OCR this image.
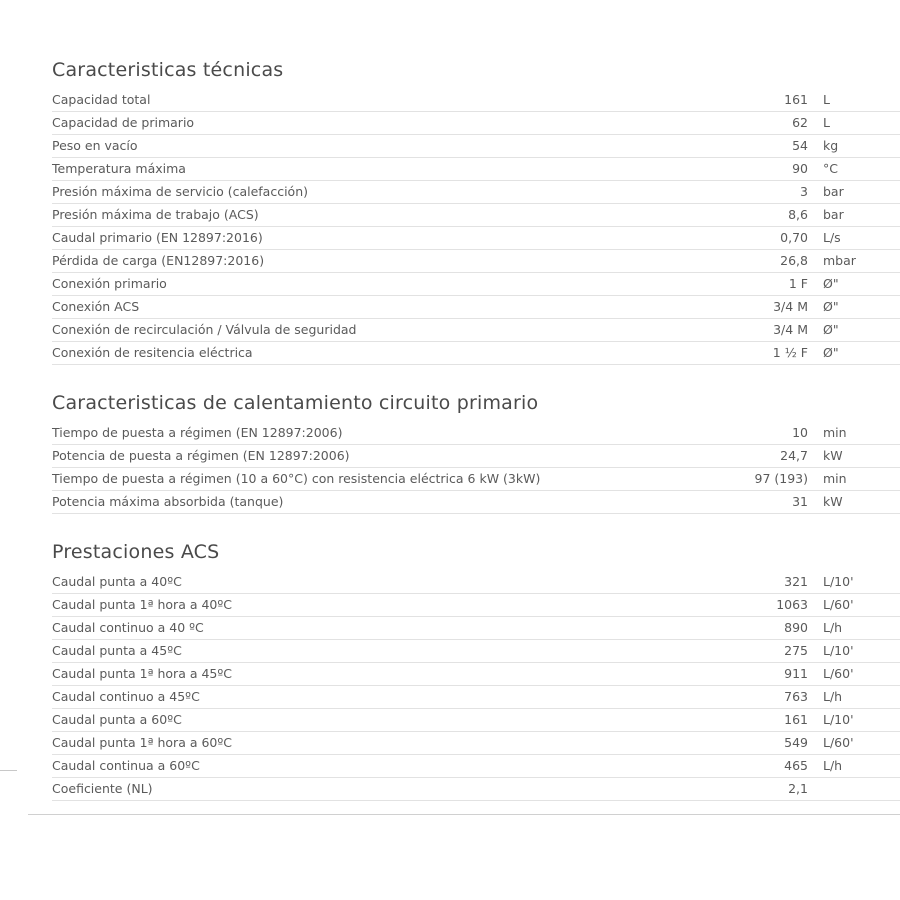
Caracteristicas técnicas
Capacidad total	161 L
Capacidad de primario	62 L
Peso en vacío	54 kg
Temperatura máxima	90 °C
Presión máxima de servicio (calefacción)	3 bar
Presión máxima de trabajo (ACS)	8,6 bar
Caudal primario (EN 12897:2016)	0,70 L/s
Pérdida de carga (EN12897:2016)	26,8 mbar
Conexión primario	1 F Ø"
Conexión ACS	3/4 M Ø"
Conexión de recirculación / Válvula de seguridad	3/4 M Ø"
Conexión de resitencia eléctrica	1 ½ F Ø"
Caracteristicas de calentamiento circuito primario
Tiempo de puesta a régimen (EN 12897:2006)	10 min
Potencia de puesta a régimen (EN 12897:2006)	24,7 kW
Tiempo de puesta a régimen (10 a 60°C) con resistencia eléctrica 6 kW (3kW)	97 (193) min
Potencia máxima absorbida (tanque)	31 kW
Prestaciones ACS
Caudal punta a 40ºC	321 L/10'
Caudal punta 1ª hora a 40ºC	1063 L/60'
Caudal continuo a 40 ºC	890 L/h
Caudal punta a 45ºC	275 L/10'
Caudal punta 1ª hora a 45ºC	911 L/60'
Caudal continuo a 45ºC	763 L/h
Caudal punta a 60ºC	161 L/10'
Caudal punta 1ª hora a 60ºC	549 L/60'
Caudal continua a 60ºC	465 L/h
Coeficiente (NL)	2,1
